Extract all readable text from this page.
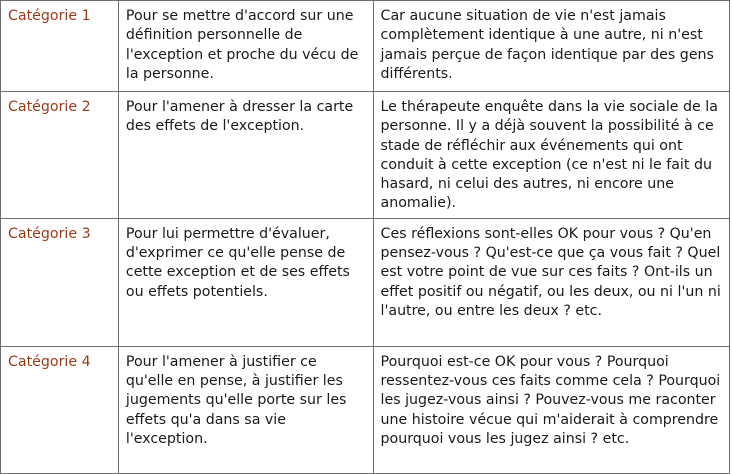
Catégorie 1	Pour se mettre d'accord sur une définition personnelle de l'exception et proche du vécu de la personne.	Car aucune situation de vie n'est jamais complètement identique à une autre, ni n'est jamais perçue de façon identique par des gens différents.
Catégorie 2	Pour l'amener à dresser la carte des effets de l'exception.	Le thérapeute enquête dans la vie sociale de la personne. Il y a déjà souvent la possibilité à ce stade de réfléchir aux événements qui ont conduit à cette exception (ce n'est ni le fait du hasard, ni celui des autres, ni encore une anomalie).
Catégorie 3	Pour lui permettre d'évaluer, d'exprimer ce qu'elle pense de cette exception et de ses effets ou effets potentiels.	Ces réflexions sont-elles OK pour vous ? Qu'en pensez-vous ? Qu'est-ce que ça vous fait ? Quel est votre point de vue sur ces faits ? Ont-ils un effet positif ou négatif, ou les deux, ou ni l'un ni l'autre, ou entre les deux ? etc.
Catégorie 4	Pour l'amener à justifier ce qu'elle en pense, à justifier les jugements qu'elle porte sur les effets qu'a dans sa vie l'exception.	Pourquoi est-ce OK pour vous ? Pourquoi ressentez-vous ces faits comme cela ? Pourquoi les jugez-vous ainsi ? Pouvez-vous me raconter une histoire vécue qui m'aiderait à comprendre pourquoi vous les jugez ainsi ? etc.
